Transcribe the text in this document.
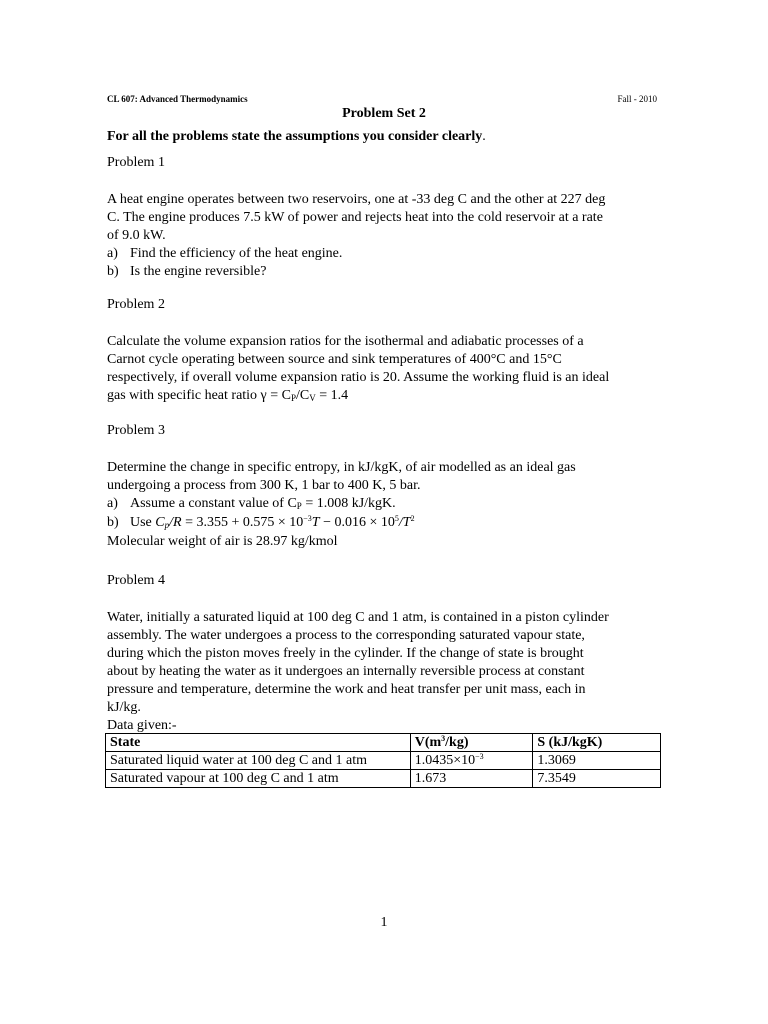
CL 607: Advanced Thermodynamics	Fall - 2010
Problem Set 2
For all the problems state the assumptions you consider clearly.
Problem 1

A heat engine operates between two reservoirs, one at -33 deg C and the other at 227 deg

C. The engine produces 7.5 kW of power and rejects heat into the cold reservoir at a rate

of 9.0 kW.

a) Find the efficiency of the heat engine.
b) Is the engine reversible?
Problem 2

Calculate the volume expansion ratios for the isothermal and adiabatic processes of a

Carnot cycle operating between source and sink temperatures of 400°C and 15°C

respectively, if overall volume expansion ratio is 20. Assume the working fluid is an ideal

gas with specific heat ratio $\gamma = C_P/C_V = 1.4$

Problem 3

Determine the change in specific entropy, in kJ/kgK, of air modelled as an ideal gas

undergoing a process from 300 K, 1 bar to 400 K, 5 bar.

a) Assume a constant value of $C_P = 1.008$ kJ/kgK.
b) Use $C_p/R = 3.355 + 0.575 \times 10^{-3}T - 0.016 \times 10^5/T^2$

Molecular weight of air is 28.97 kg/kmol

Problem 4

Water, initially a saturated liquid at 100 deg C and 1 atm, is contained in a piston cylinder

assembly. The water undergoes a process to the corresponding saturated vapour state,

during which the piston moves freely in the cylinder. If the change of state is brought

about by heating the water as it undergoes an internally reversible process at constant

pressure and temperature, determine the work and heat transfer per unit mass, each in

kJ/kg.

Data given:-

State	$V(m^3/kg)$	S (kJ/kgK)
Saturated liquid water at 100 deg C and 1 atm	$1.0435\times 10^{-3}$	1.3069
Saturated vapour at 100 deg C and 1 atm	1.673	7.3549
1
